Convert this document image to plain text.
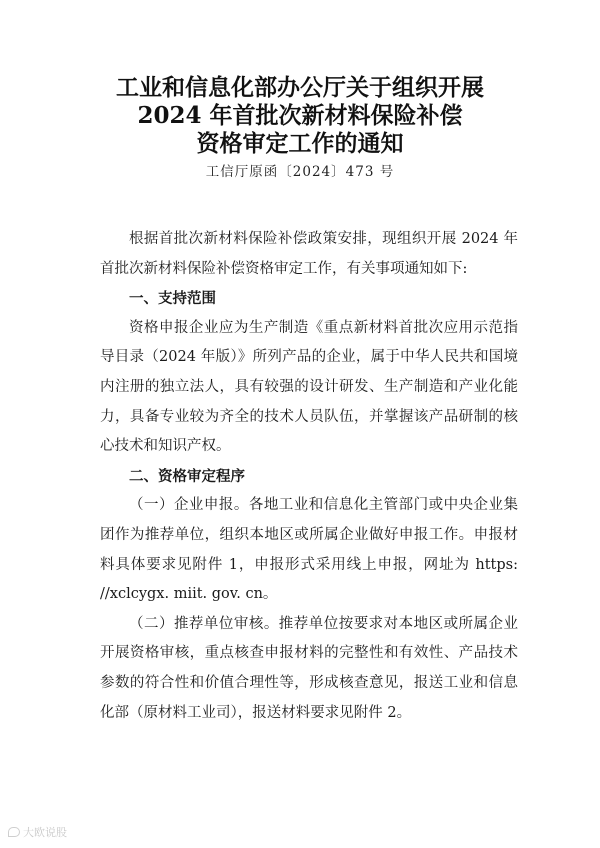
工业和信息化部办公厅关于组织开展
2024 年首批次新材料保险补偿
资格审定工作的通知
工信厅原函〔2024〕473 号

根据首批次新材料保险补偿政策安排，现组织开展 2024 年首批次新材料保险补偿资格审定工作，有关事项通知如下:

一、支持范围

资格申报企业应为生产制造《重点新材料首批次应用示范指导目录（2024 年版）》所列产品的企业，属于中华人民共和国境内注册的独立法人，具有较强的设计研发、生产制造和产业化能力，具备专业较为齐全的技术人员队伍，并掌握该产品研制的核心技术和知识产权。

二、资格审定程序

（一）企业申报。各地工业和信息化主管部门或中央企业集团作为推荐单位，组织本地区或所属企业做好申报工作。申报材料具体要求见附件 1，申报形式采用线上申报，网址为 https: //xclcygx. miit. gov. cn。

（二）推荐单位审核。推荐单位按要求对本地区或所属企业开展资格审核，重点核查申报材料的完整性和有效性、产品技术参数的符合性和价值合理性等，形成核查意见，报送工业和信息化部（原材料工业司），报送材料要求见附件 2。

大欧说股
